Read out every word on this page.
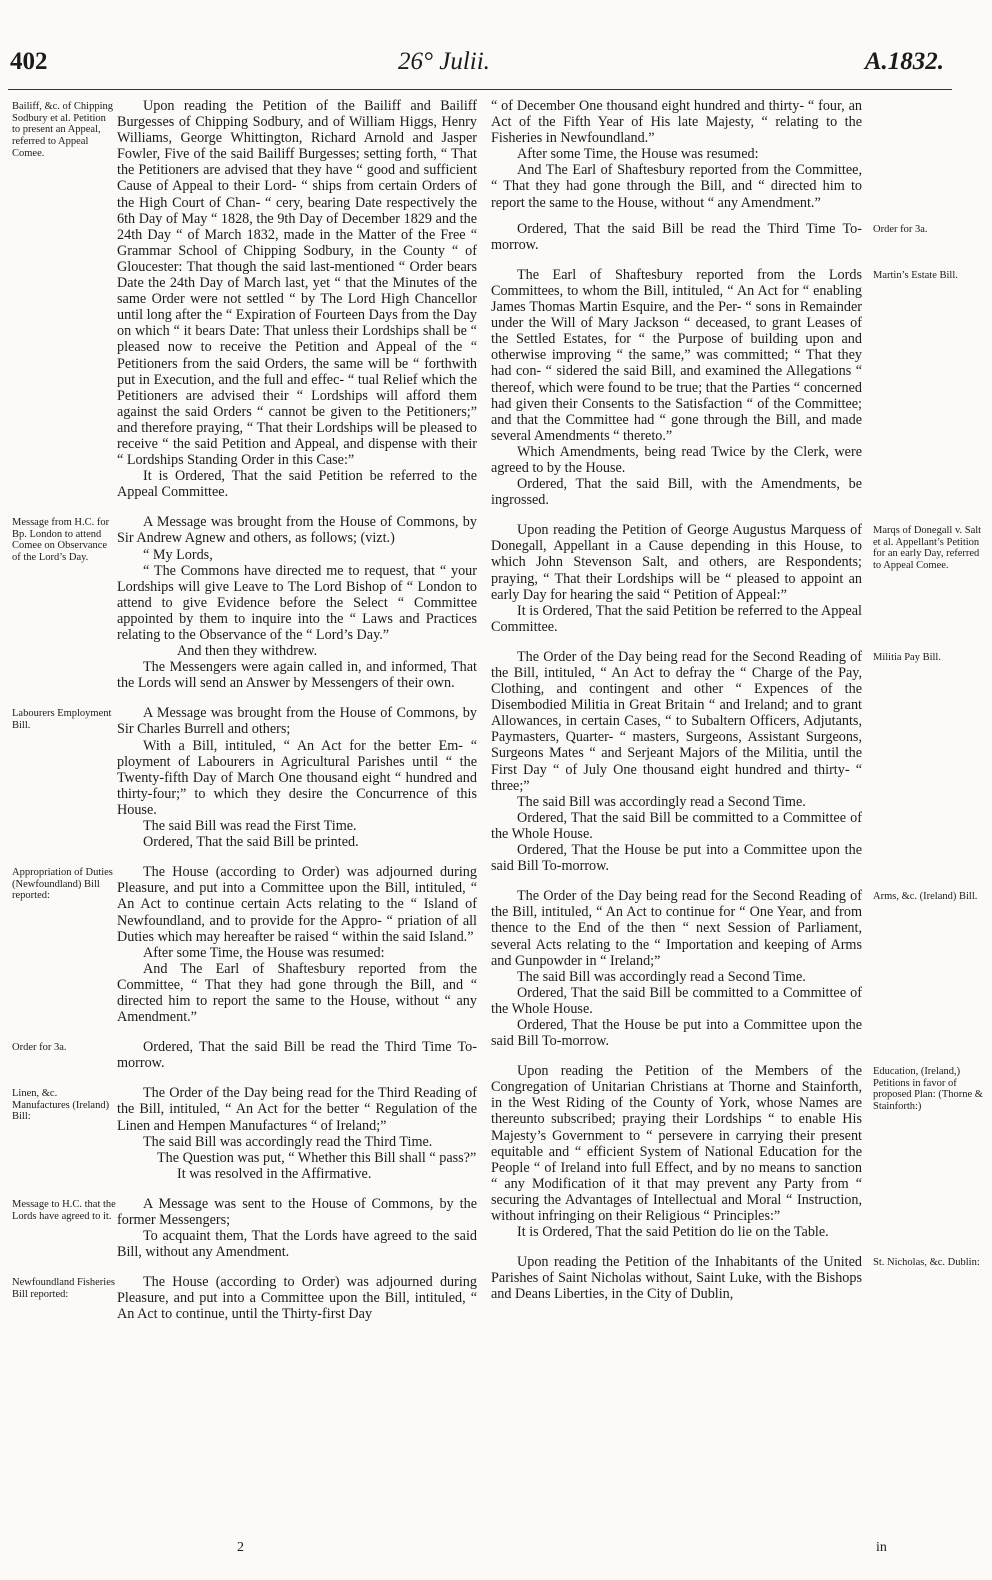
402	26° Julii.	A.1832.

Upon reading the Petition of the Bailiff and Bailiff Burgesses of Chipping Sodbury, and of William Higgs, Henry Williams, George Whittington, Richard Arnold and Jasper Fowler, Five of the said Bailiff Burgesses; setting forth, “ That the Petitioners are advised that they have “ good and sufficient Cause of Appeal to their Lord- “ ships from certain Orders of the High Court of Chan- “ cery, bearing Date respectively the 6th Day of May “ 1828, the 9th Day of December 1829 and the 24th Day “ of March 1832, made in the Matter of the Free “ Grammar School of Chipping Sodbury, in the County “ of Gloucester: That though the said last-mentioned “ Order bears Date the 24th Day of March last, yet “ that the Minutes of the same Order were not settled “ by The Lord High Chancellor until long after the “ Expiration of Fourteen Days from the Day on which “ it bears Date: That unless their Lordships shall be “ pleased now to receive the Petition and Appeal of the “ Petitioners from the said Orders, the same will be “ forthwith put in Execution, and the full and effec- “ tual Relief which the Petitioners are advised their “ Lordships will afford them against the said Orders “ cannot be given to the Petitioners;” and therefore praying, “ That their Lordships will be pleased to receive “ the said Petition and Appeal, and dispense with their “ Lordships Standing Order in this Case:”

It is Ordered, That the said Petition be referred to the Appeal Committee.

A Message was brought from the House of Commons, by Sir Andrew Agnew and others, as follows; (vizt.)

“ My Lords,

“ The Commons have directed me to request, that “ your Lordships will give Leave to The Lord Bishop of “ London to attend to give Evidence before the Select “ Committee appointed by them to inquire into the “ Laws and Practices relating to the Observance of the “ Lord’s Day.”

And then they withdrew.

The Messengers were again called in, and informed, That the Lords will send an Answer by Messengers of their own.

A Message was brought from the House of Commons, by Sir Charles Burrell and others;

With a Bill, intituled, “ An Act for the better Em- “ ployment of Labourers in Agricultural Parishes until “ the Twenty-fifth Day of March One thousand eight “ hundred and thirty-four;” to which they desire the Concurrence of this House.

The said Bill was read the First Time.

Ordered, That the said Bill be printed.

The House (according to Order) was adjourned during Pleasure, and put into a Committee upon the Bill, intituled, “ An Act to continue certain Acts relating to the “ Island of Newfoundland, and to provide for the Appro- “ priation of all Duties which may hereafter be raised “ within the said Island.”

After some Time, the House was resumed:

And The Earl of Shaftesbury reported from the Committee, “ That they had gone through the Bill, and “ directed him to report the same to the House, without “ any Amendment.”

Ordered, That the said Bill be read the Third Time To-morrow.

The Order of the Day being read for the Third Reading of the Bill, intituled, “ An Act for the better “ Regulation of the Linen and Hempen Manufactures “ of Ireland;”

The said Bill was accordingly read the Third Time.

The Question was put, “ Whether this Bill shall “ pass?”

It was resolved in the Affirmative.

A Message was sent to the House of Commons, by the former Messengers;

To acquaint them, That the Lords have agreed to the said Bill, without any Amendment.

The House (according to Order) was adjourned during Pleasure, and put into a Committee upon the Bill, intituled, “ An Act to continue, until the Thirty-first Day

Bailiff, &c. of Chipping Sodbury et al. Petition to present an Appeal, referred to Appeal Comee.
Message from H.C. for Bp. London to attend Comee on Observance of the Lord’s Day.
Labourers Employment Bill.
Appropriation of Duties (Newfoundland) Bill reported:
Order for 3a.
Linen, &c. Manufactures (Ireland) Bill:
Message to H.C. that the Lords have agreed to it.
Newfoundland Fisheries Bill reported:

“ of December One thousand eight hundred and thirty- “ four, an Act of the Fifth Year of His late Majesty, “ relating to the Fisheries in Newfoundland.”

After some Time, the House was resumed:

And The Earl of Shaftesbury reported from the Committee, “ That they had gone through the Bill, and “ directed him to report the same to the House, without “ any Amendment.”

Ordered, That the said Bill be read the Third Time To-morrow.

The Earl of Shaftesbury reported from the Lords Committees, to whom the Bill, intituled, “ An Act for “ enabling James Thomas Martin Esquire, and the Per- “ sons in Remainder under the Will of Mary Jackson “ deceased, to grant Leases of the Settled Estates, for “ the Purpose of building upon and otherwise improving “ the same,” was committed; “ That they had con- “ sidered the said Bill, and examined the Allegations “ thereof, which were found to be true; that the Parties “ concerned had given their Consents to the Satisfaction “ of the Committee; and that the Committee had “ gone through the Bill, and made several Amendments “ thereto.”

Which Amendments, being read Twice by the Clerk, were agreed to by the House.

Ordered, That the said Bill, with the Amendments, be ingrossed.

Upon reading the Petition of George Augustus Marquess of Donegall, Appellant in a Cause depending in this House, to which John Stevenson Salt, and others, are Respondents; praying, “ That their Lordships will be “ pleased to appoint an early Day for hearing the said “ Petition of Appeal:”

It is Ordered, That the said Petition be referred to the Appeal Committee.

The Order of the Day being read for the Second Reading of the Bill, intituled, “ An Act to defray the “ Charge of the Pay, Clothing, and contingent and other “ Expences of the Disembodied Militia in Great Britain “ and Ireland; and to grant Allowances, in certain Cases, “ to Subaltern Officers, Adjutants, Paymasters, Quarter- “ masters, Surgeons, Assistant Surgeons, Surgeons Mates “ and Serjeant Majors of the Militia, until the First Day “ of July One thousand eight hundred and thirty- “ three;”

The said Bill was accordingly read a Second Time.

Ordered, That the said Bill be committed to a Committee of the Whole House.

Ordered, That the House be put into a Committee upon the said Bill To-morrow.

The Order of the Day being read for the Second Reading of the Bill, intituled, “ An Act to continue for “ One Year, and from thence to the End of the then “ next Session of Parliament, several Acts relating to the “ Importation and keeping of Arms and Gunpowder in “ Ireland;”

The said Bill was accordingly read a Second Time.

Ordered, That the said Bill be committed to a Committee of the Whole House.

Ordered, That the House be put into a Committee upon the said Bill To-morrow.

Upon reading the Petition of the Members of the Congregation of Unitarian Christians at Thorne and Stainforth, in the West Riding of the County of York, whose Names are thereunto subscribed; praying their Lordships “ to enable His Majesty’s Government to “ persevere in carrying their present equitable and “ efficient System of National Education for the People “ of Ireland into full Effect, and by no means to sanction “ any Modification of it that may prevent any Party from “ securing the Advantages of Intellectual and Moral “ Instruction, without infringing on their Religious “ Principles:”

It is Ordered, That the said Petition do lie on the Table.

Upon reading the Petition of the Inhabitants of the United Parishes of Saint Nicholas without, Saint Luke, with the Bishops and Deans Liberties, in the City of Dublin,

Order for 3a.
Martin’s Estate Bill.
Marqs of Donegall v. Salt et al. Appellant’s Petition for an early Day, referred to Appeal Comee.
Militia Pay Bill.
Arms, &c. (Ireland) Bill.
Education, (Ireland,) Petitions in favor of proposed Plan: (Thorne & Stainforth:)
St. Nicholas, &c. Dublin:
2	in
